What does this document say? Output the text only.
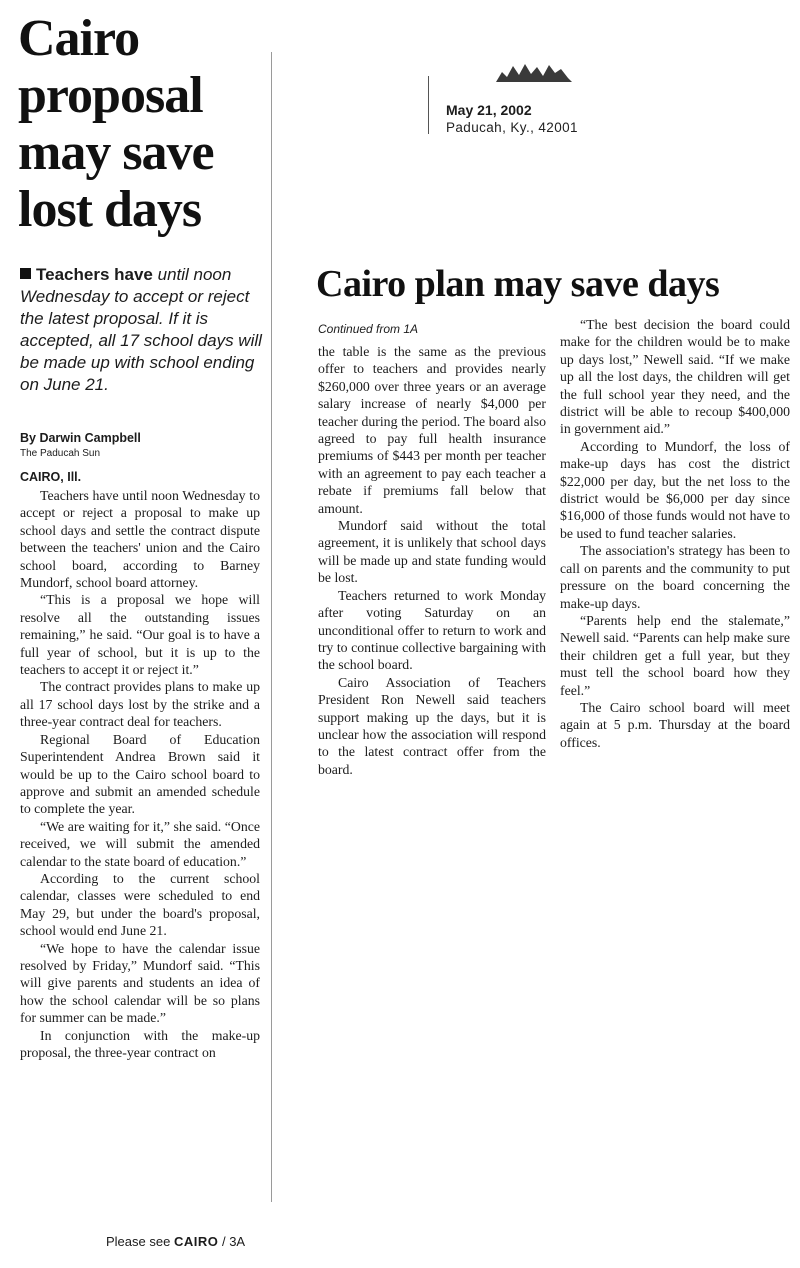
Cairo proposal may save lost days

Teachers have until noon Wednesday to accept or reject the latest proposal. If it is accepted, all 17 school days will be made up with school ending on June 21.

By Darwin Campbell
The Paducah Sun
CAIRO, Ill.

Teachers have until noon Wednesday to accept or reject a proposal to make up school days and settle the contract dispute between the teachers' union and the Cairo school board, according to Barney Mundorf, school board attorney.

“This is a proposal we hope will resolve all the outstanding issues remaining,” he said. “Our goal is to have a full year of school, but it is up to the teachers to accept it or reject it.”

The contract provides plans to make up all 17 school days lost by the strike and a three-year contract deal for teachers.

Regional Board of Education Superintendent Andrea Brown said it would be up to the Cairo school board to approve and submit an amended schedule to complete the year.

“We are waiting for it,” she said. “Once received, we will submit the amended calendar to the state board of education.”

According to the current school calendar, classes were scheduled to end May 29, but under the board's proposal, school would end June 21.

“We hope to have the calendar issue resolved by Friday,” Mundorf said. “This will give parents and students an idea of how the school calendar will be so plans for summer can be made.”

In conjunction with the make-up proposal, the three-year contract on

Please see CAIRO / 3A
May 21, 2002
Paducah, Ky., 42001
Cairo plan may save days
Continued from 1A

the table is the same as the previous offer to teachers and provides nearly $260,000 over three years or an average salary increase of nearly $4,000 per teacher during the period. The board also agreed to pay full health insurance premiums of $443 per month per teacher with an agreement to pay each teacher a rebate if premiums fall below that amount.

Mundorf said without the total agreement, it is unlikely that school days will be made up and state funding would be lost.

Teachers returned to work Monday after voting Saturday on an unconditional offer to return to work and try to continue collective bargaining with the school board.

Cairo Association of Teachers President Ron Newell said teachers support making up the days, but it is unclear how the association will respond to the latest contract offer from the board.

“The best decision the board could make for the children would be to make up days lost,” Newell said. “If we make up all the lost days, the children will get the full school year they need, and the district will be able to recoup $400,000 in government aid.”

According to Mundorf, the loss of make-up days has cost the district $22,000 per day, but the net loss to the district would be $6,000 per day since $16,000 of those funds would not have to be used to fund teacher salaries.

The association's strategy has been to call on parents and the community to put pressure on the board concerning the make-up days.

“Parents help end the stalemate,” Newell said. “Parents can help make sure their children get a full year, but they must tell the school board how they feel.”

The Cairo school board will meet again at 5 p.m. Thursday at the board offices.
